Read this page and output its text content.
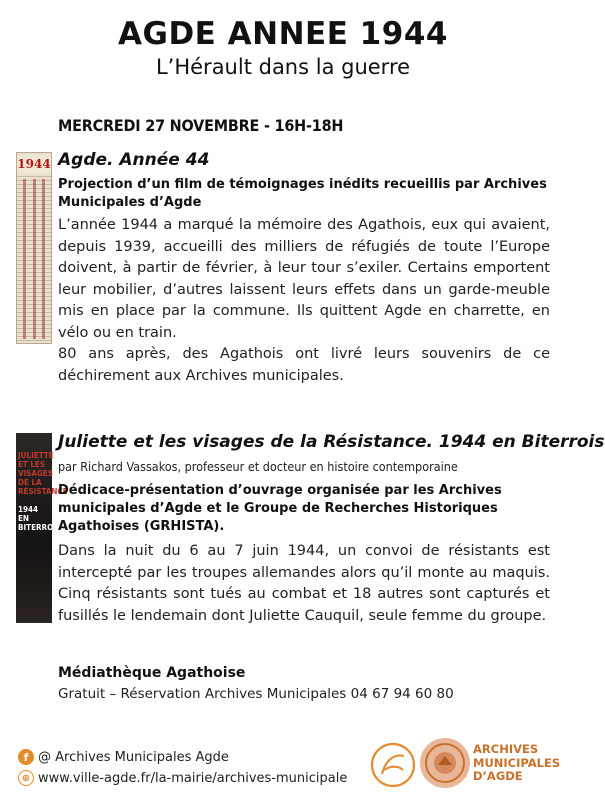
AGDE ANNEE 1944
L’Hérault dans la guerre
MERCREDI 27 NOVEMBRE - 16H-18H
1944 Agde. Année 44
Projection d’un film de témoignages inédits recueillis par Archives Municipales d’Agde

L’année 1944 a marqué la mémoire des Agathois, eux qui avaient, depuis 1939, accueilli des milliers de réfugiés de toute l’Europe doivent, à partir de février, à leur tour s’exiler. Certains emportent leur mobilier, d’autres laissent leurs effets dans un garde-meuble mis en place par la commune. Ils quittent Agde en charrette, en vélo ou en train.

80 ans après, des Agathois ont livré leurs souvenirs de ce déchirement aux Archives municipales.

JULIETTE
ET LES
VISAGES
DE LA
RÉSISTANCE
1944
EN BITERROIS
Juliette et les visages de la Résistance. 1944 en Biterrois
par Richard Vassakos, professeur et docteur en histoire contemporaine
Dédicace-présentation d’ouvrage organisée par les Archives municipales d’Agde et le Groupe de Recherches Historiques Agathoises (GRHISTA).
Dans la nuit du 6 au 7 juin 1944, un convoi de résistants est intercepté par les troupes allemandes alors qu’il monte au maquis. Cinq résistants sont tués au combat et 18 autres sont capturés et fusillés le lendemain dont Juliette Cauquil, seule femme du groupe.
Médiathèque Agathoise
Gratuit – Réservation Archives Municipales 04 67 94 60 80
f @ Archives Municipales Agde
⊕ www.ville-agde.fr/la-mairie/archives-municipale
ARCHIVES
MUNICIPALES
D’AGDE
